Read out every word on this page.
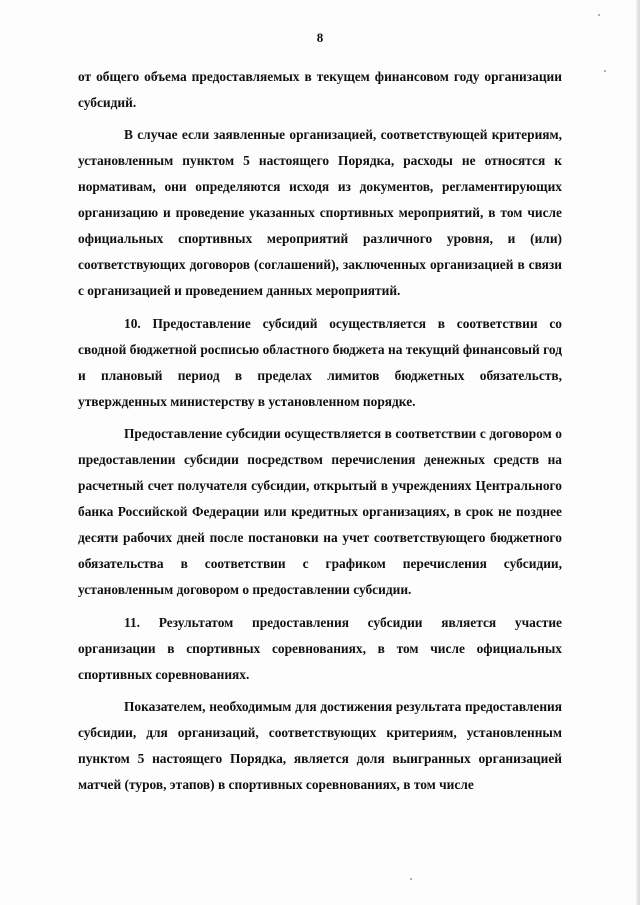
8

от общего объема предоставляемых в текущем финансовом году организации субсидий.

В случае если заявленные организацией, соответствующей критериям, установленным пунктом 5 настоящего Порядка, расходы не относятся к нормативам, они определяются исходя из документов, регламентирующих организацию и проведение указанных спортивных мероприятий, в том числе официальных спортивных мероприятий различного уровня, и (или) соответствующих договоров (соглашений), заключенных организацией в связи с организацией и проведением данных мероприятий.

10. Предоставление субсидий осуществляется в соответствии со сводной бюджетной росписью областного бюджета на текущий финансовый год и плановый период в пределах лимитов бюджетных обязательств, утвержденных министерству в установленном порядке.

Предоставление субсидии осуществляется в соответствии с договором о предоставлении субсидии посредством перечисления денежных средств на расчетный счет получателя субсидии, открытый в учреждениях Центрального банка Российской Федерации или кредитных организациях, в срок не позднее десяти рабочих дней после постановки на учет соответствующего бюджетного обязательства в соответствии с графиком перечисления субсидии, установленным договором о предоставлении субсидии.

11. Результатом предоставления субсидии является участие организации в спортивных соревнованиях, в том числе официальных спортивных соревнованиях.

Показателем, необходимым для достижения результата предоставления субсидии, для организаций, соответствующих критериям, установленным пунктом 5 настоящего Порядка, является доля выигранных организацией матчей (туров, этапов) в спортивных соревнованиях, в том числе
